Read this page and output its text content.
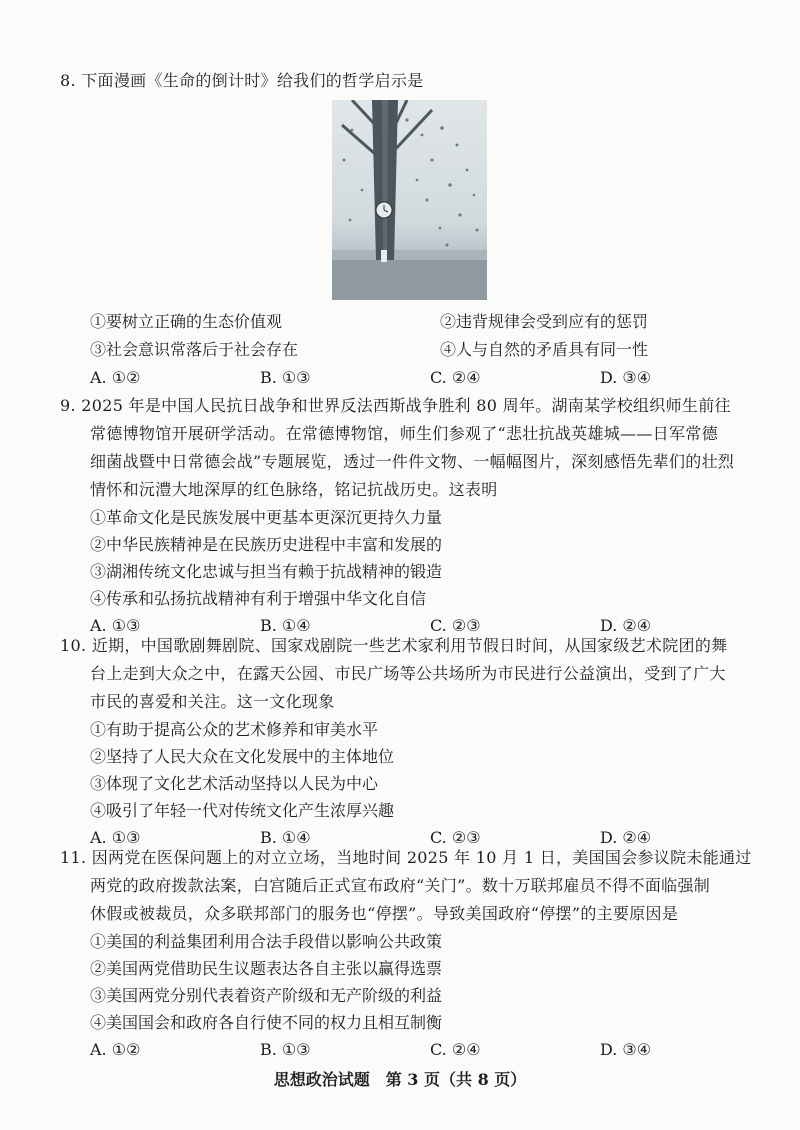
8. 下面漫画《生命的倒计时》给我们的哲学启示是
①要树立正确的生态价值观	②违背规律会受到应有的惩罚
③社会意识常落后于社会存在	④人与自然的矛盾具有同一性
A. ①②	B. ①③	C. ②④	D. ③④
9. 2025 年是中国人民抗日战争和世界反法西斯战争胜利 80 周年。湖南某学校组织师生前往
常德博物馆开展研学活动。在常德博物馆，师生们参观了“悲壮抗战英雄城——日军常德
细菌战暨中日常德会战”专题展览，透过一件件文物、一幅幅图片，深刻感悟先辈们的壮烈
情怀和沅澧大地深厚的红色脉络，铭记抗战历史。这表明
①革命文化是民族发展中更基本更深沉更持久力量
②中华民族精神是在民族历史进程中丰富和发展的
③湖湘传统文化忠诚与担当有赖于抗战精神的锻造
④传承和弘扬抗战精神有利于增强中华文化自信
A. ①③	B. ①④	C. ②③	D. ②④
10. 近期，中国歌剧舞剧院、国家戏剧院一些艺术家利用节假日时间，从国家级艺术院团的舞
台上走到大众之中，在露天公园、市民广场等公共场所为市民进行公益演出，受到了广大
市民的喜爱和关注。这一文化现象
①有助于提高公众的艺术修养和审美水平
②坚持了人民大众在文化发展中的主体地位
③体现了文化艺术活动坚持以人民为中心
④吸引了年轻一代对传统文化产生浓厚兴趣
A. ①③	B. ①④	C. ②③	D. ②④
11. 因两党在医保问题上的对立立场，当地时间 2025 年 10 月 1 日，美国国会参议院未能通过
两党的政府拨款法案，白宫随后正式宣布政府“关门”。数十万联邦雇员不得不面临强制
休假或被裁员，众多联邦部门的服务也“停摆”。导致美国政府“停摆”的主要原因是
①美国的利益集团利用合法手段借以影响公共政策
②美国两党借助民生议题表达各自主张以赢得选票
③美国两党分别代表着资产阶级和无产阶级的利益
④美国国会和政府各自行使不同的权力且相互制衡
A. ①②	B. ①③	C. ②④	D. ③④
思想政治试题　第 3 页（共 8 页）
